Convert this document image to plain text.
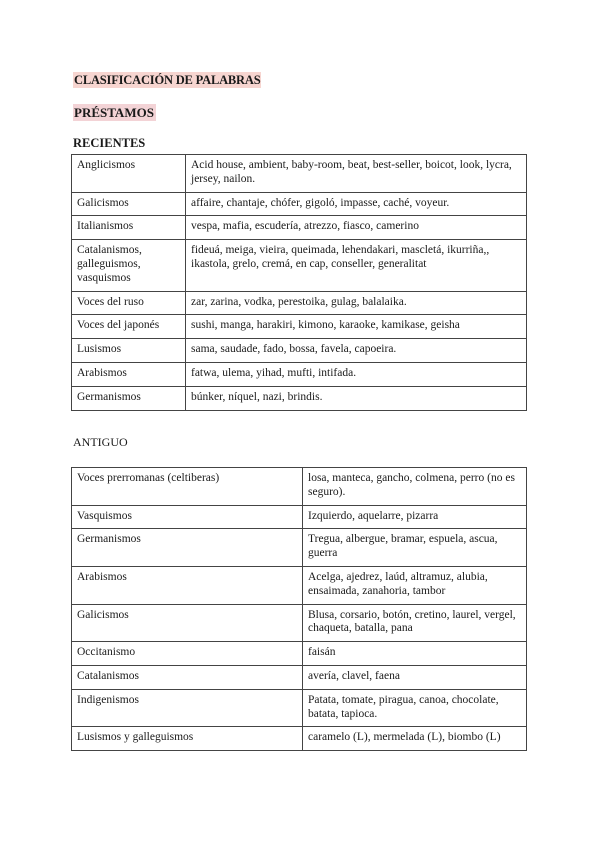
CLASIFICACIÓN DE PALABRAS
PRÉSTAMOS
RECIENTES
Anglicismos	Acid house, ambient, baby-room, beat, best-seller, boicot, look, lycra, jersey, nailon.
Galicismos	affaire, chantaje, chófer, gigoló, impasse, caché, voyeur.
Italianismos	vespa, mafia, escudería, atrezzo, fiasco, camerino
Catalanismos, galleguismos, vasquismos	fideuá, meiga, vieira, queimada, lehendakari, mascletá, ikurriña,, ikastola, grelo, cremá, en cap, conseller, generalitat
Voces del ruso	zar, zarina, vodka, perestoika, gulag, balalaika.
Voces del japonés	sushi, manga, harakiri, kimono, karaoke, kamikase, geisha
Lusismos	sama, saudade, fado, bossa, favela, capoeira.
Arabismos	fatwa, ulema, yihad, mufti, intifada.
Germanismos	búnker, níquel, nazi, brindis.
ANTIGUO
Voces prerromanas (celtiberas)	losa, manteca, gancho, colmena, perro (no es seguro).
Vasquismos	Izquierdo, aquelarre, pizarra
Germanismos	Tregua, albergue, bramar, espuela, ascua, guerra
Arabismos	Acelga, ajedrez, laúd, altramuz, alubia, ensaimada, zanahoria, tambor
Galicismos	Blusa, corsario, botón, cretino, laurel, vergel, chaqueta, batalla, pana
Occitanismo	faisán
Catalanismos	avería, clavel, faena
Indigenismos	Patata, tomate, piragua, canoa, chocolate, batata, tapioca.
Lusismos y galleguismos	caramelo (L), mermelada (L), biombo (L)
